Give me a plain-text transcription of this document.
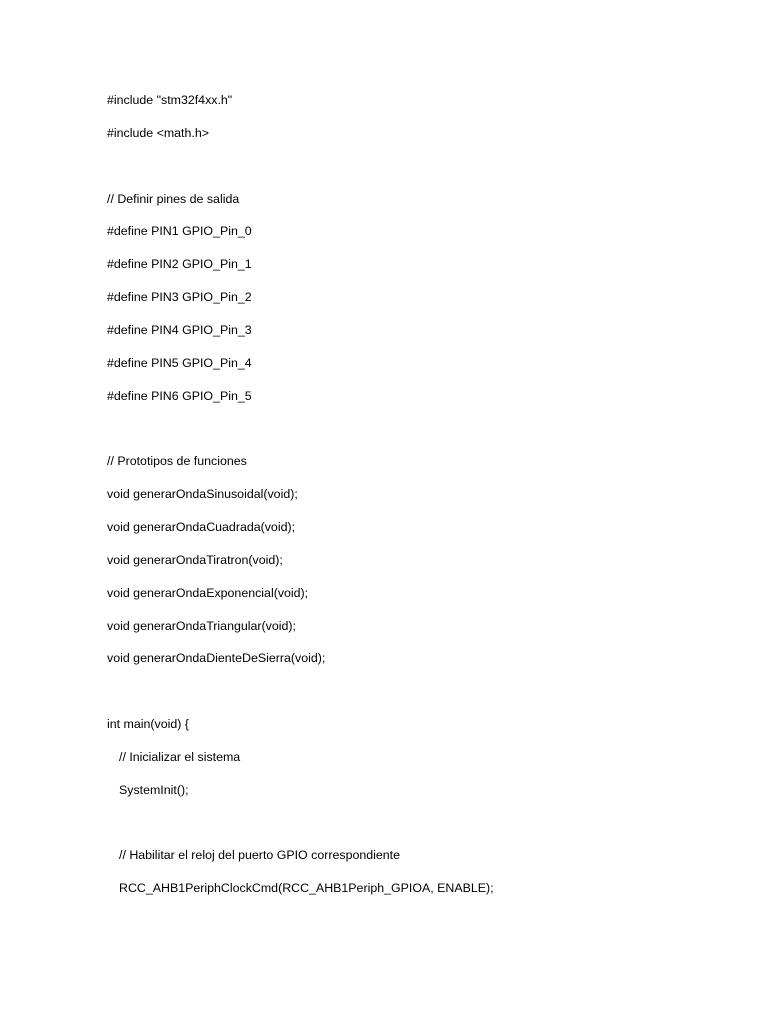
#include "stm32f4xx.h"
#include <math.h>
// Definir pines de salida
#define PIN1 GPIO_Pin_0
#define PIN2 GPIO_Pin_1
#define PIN3 GPIO_Pin_2
#define PIN4 GPIO_Pin_3
#define PIN5 GPIO_Pin_4
#define PIN6 GPIO_Pin_5
// Prototipos de funciones
void generarOndaSinusoidal(void);
void generarOndaCuadrada(void);
void generarOndaTiratron(void);
void generarOndaExponencial(void);
void generarOndaTriangular(void);
void generarOndaDienteDeSierra(void);
int main(void) {
// Inicializar el sistema
SystemInit();
// Habilitar el reloj del puerto GPIO correspondiente
RCC_AHB1PeriphClockCmd(RCC_AHB1Periph_GPIOA, ENABLE);
